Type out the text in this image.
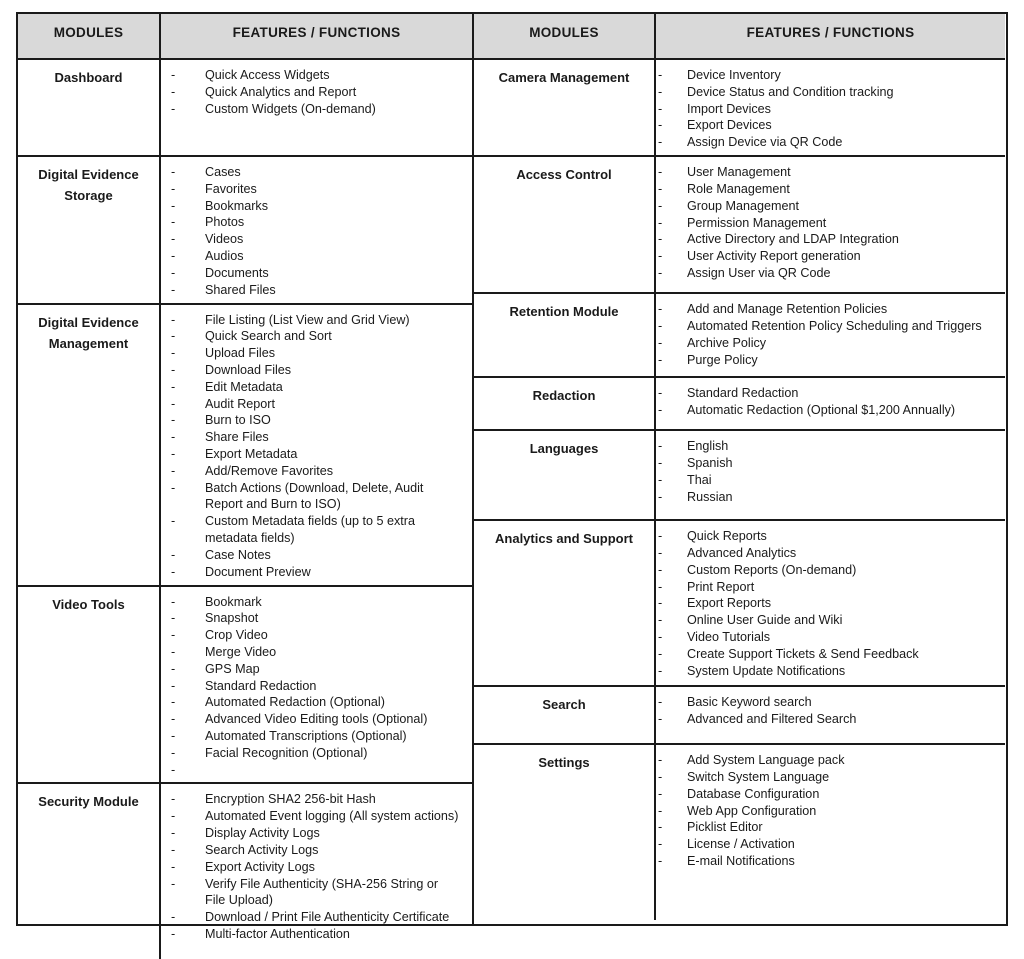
MODULES	FEATURES / FUNCTIONS
Dashboard	-	Quick Access Widgets
-	Quick Analytics and Report
-	Custom Widgets (On-demand)
Digital Evidence Storage
-	Cases
-	Favorites
-	Bookmarks
-	Photos
-	Videos
-	Audios
-	Documents
-	Shared Files
Digital Evidence Management
-	File Listing (List View and Grid View)
-	Quick Search and Sort
-	Upload Files
-	Download Files
-	Edit Metadata
-	Audit Report
-	Burn to ISO
-	Share Files
-	Export Metadata
-	Add/Remove Favorites
-	Batch Actions (Download, Delete, Audit Report and Burn to ISO)
-	Custom Metadata fields (up to 5 extra metadata fields)
-	Case Notes
-	Document Preview
Video Tools	-	Bookmark
-	Snapshot
-	Crop Video
-	Merge Video
-	GPS Map
-	Standard Redaction
-	Automated Redaction (Optional)
-	Advanced Video Editing tools (Optional)
-	Automated Transcriptions (Optional)
-	Facial Recognition (Optional)
-
Security Module	-	Encryption SHA2 256-bit Hash
-	Automated Event logging (All system actions)
-	Display Activity Logs
-	Search Activity Logs
-	Export Activity Logs
-	Verify File Authenticity (SHA-256 String or File Upload)
-	Download / Print File Authenticity Certificate
-	Multi-factor Authentication
MODULES	FEATURES / FUNCTIONS
Camera Management -	Device Inventory
-	Device Status and Condition tracking
-	Import Devices
-	Export Devices
-	Assign Device via QR Code
Access Control	-	User Management
-	Role Management
-	Group Management
-	Permission Management
-	Active Directory and LDAP Integration
-	User Activity Report generation
-	Assign User via QR Code
Retention Module	-	Add and Manage Retention Policies
-	Automated Retention Policy Scheduling and Triggers
-	Archive Policy
-	Purge Policy
Redaction	-	Standard Redaction
-	Automatic Redaction (Optional $1,200 Annually)
Languages	-	English
-	Spanish
-	Thai
-	Russian
Analytics and Support -	Quick Reports
-	Advanced Analytics
-	Custom Reports (On-demand)
-	Print Report
-	Export Reports
-	Online User Guide and Wiki
-	Video Tutorials
-	Create Support Tickets & Send Feedback
-	System Update Notifications
Search	-	Basic Keyword search
-	Advanced and Filtered Search
Settings	-	Add System Language pack
-	Switch System Language
-	Database Configuration
-	Web App Configuration
-	Picklist Editor
-	License / Activation
-	E-mail Notifications
